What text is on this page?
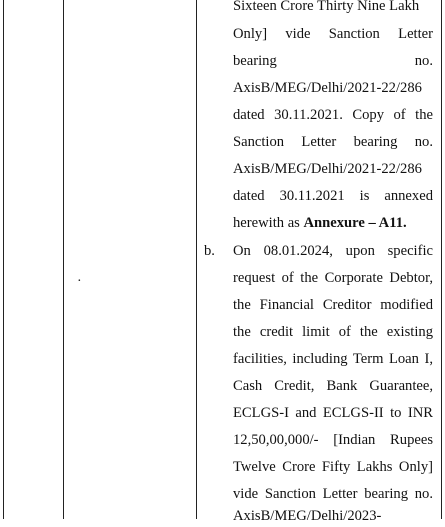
·
Sixteen Crore Thirty Nine Lakh
Only] vide Sanction Letter
bearing no.
AxisB/MEG/Delhi/2021-22/286
dated 30.11.2021. Copy of the
Sanction Letter bearing no.
AxisB/MEG/Delhi/2021-22/286
dated 30.11.2021 is annexed
herewith as Annexure – A11.
b.	On 08.01.2024, upon specific
request of the Corporate Debtor,
the Financial Creditor modified
the credit limit of the existing
facilities, including Term Loan I,
Cash Credit, Bank Guarantee,
ECLGS-I and ECLGS-II to INR
12,50,00,000/- [Indian Rupees
Twelve Crore Fifty Lakhs Only]
vide Sanction Letter bearing no.
AxisB/MEG/Delhi/2023-
